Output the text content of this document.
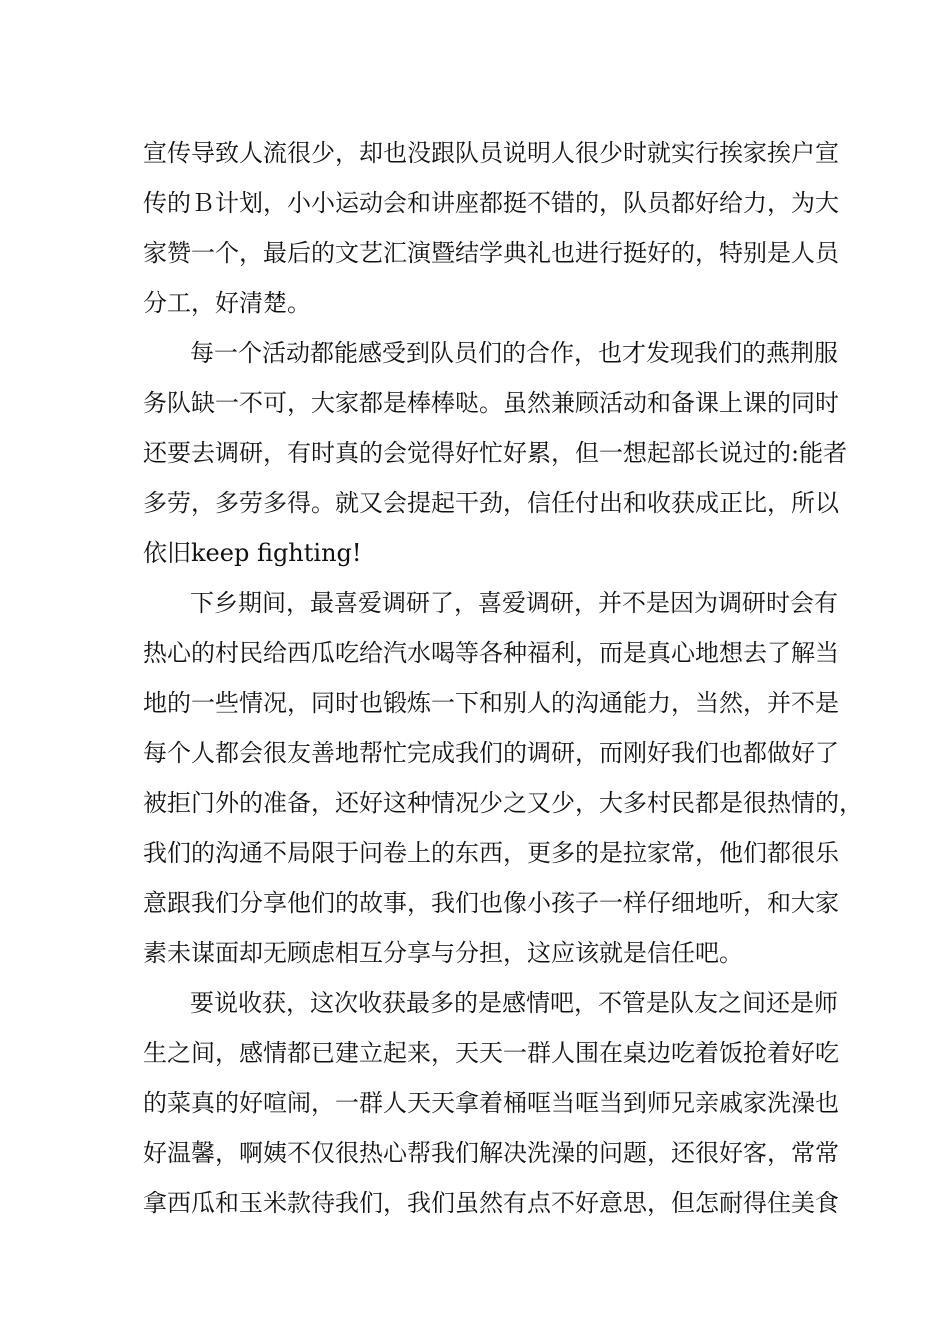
宣传导致人流很少，却也没跟队员说明人很少时就实行挨家挨户宣
传的Ｂ计划，小小运动会和讲座都挺不错的，队员都好给力，为大
家赞一个，最后的文艺汇演暨结学典礼也进行挺好的，特别是人员
分工，好清楚。
每一个活动都能感受到队员们的合作，也才发现我们的燕荆服
务队缺一不可，大家都是棒棒哒。虽然兼顾活动和备课上课的同时
还要去调研，有时真的会觉得好忙好累，但一想起部长说过的:能者
多劳，多劳多得。就又会提起干劲，信任付出和收获成正比，所以
依旧keep fighting!
下乡期间，最喜爱调研了，喜爱调研，并不是因为调研时会有
热心的村民给西瓜吃给汽水喝等各种福利，而是真心地想去了解当
地的一些情况，同时也锻炼一下和别人的沟通能力，当然，并不是
每个人都会很友善地帮忙完成我们的调研，而刚好我们也都做好了
被拒门外的准备，还好这种情况少之又少，大多村民都是很热情的，
我们的沟通不局限于问卷上的东西，更多的是拉家常，他们都很乐
意跟我们分享他们的故事，我们也像小孩子一样仔细地听，和大家
素未谋面却无顾虑相互分享与分担，这应该就是信任吧。
要说收获，这次收获最多的是感情吧，不管是队友之间还是师
生之间，感情都已建立起来，天天一群人围在桌边吃着饭抢着好吃
的菜真的好喧闹，一群人天天拿着桶哐当哐当到师兄亲戚家洗澡也
好温馨，啊姨不仅很热心帮我们解决洗澡的问题，还很好客，常常
拿西瓜和玉米款待我们，我们虽然有点不好意思，但怎耐得住美食
